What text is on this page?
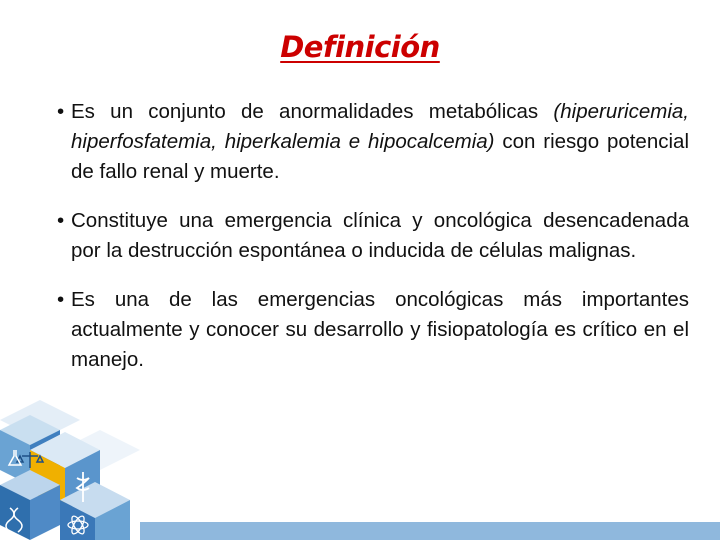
Definición
• Es un conjunto de anormalidades metabólicas (hiperuricemia, hiperfosfatemia, hiperkalemia e hipocalcemia) con riesgo potencial de fallo renal y muerte.
• Constituye una emergencia clínica y oncológica desencadenada por la destrucción espontánea o inducida de células malignas.
• Es una de las emergencias oncológicas más importantes actualmente y conocer su desarrollo y fisiopatología es crítico en el manejo.
